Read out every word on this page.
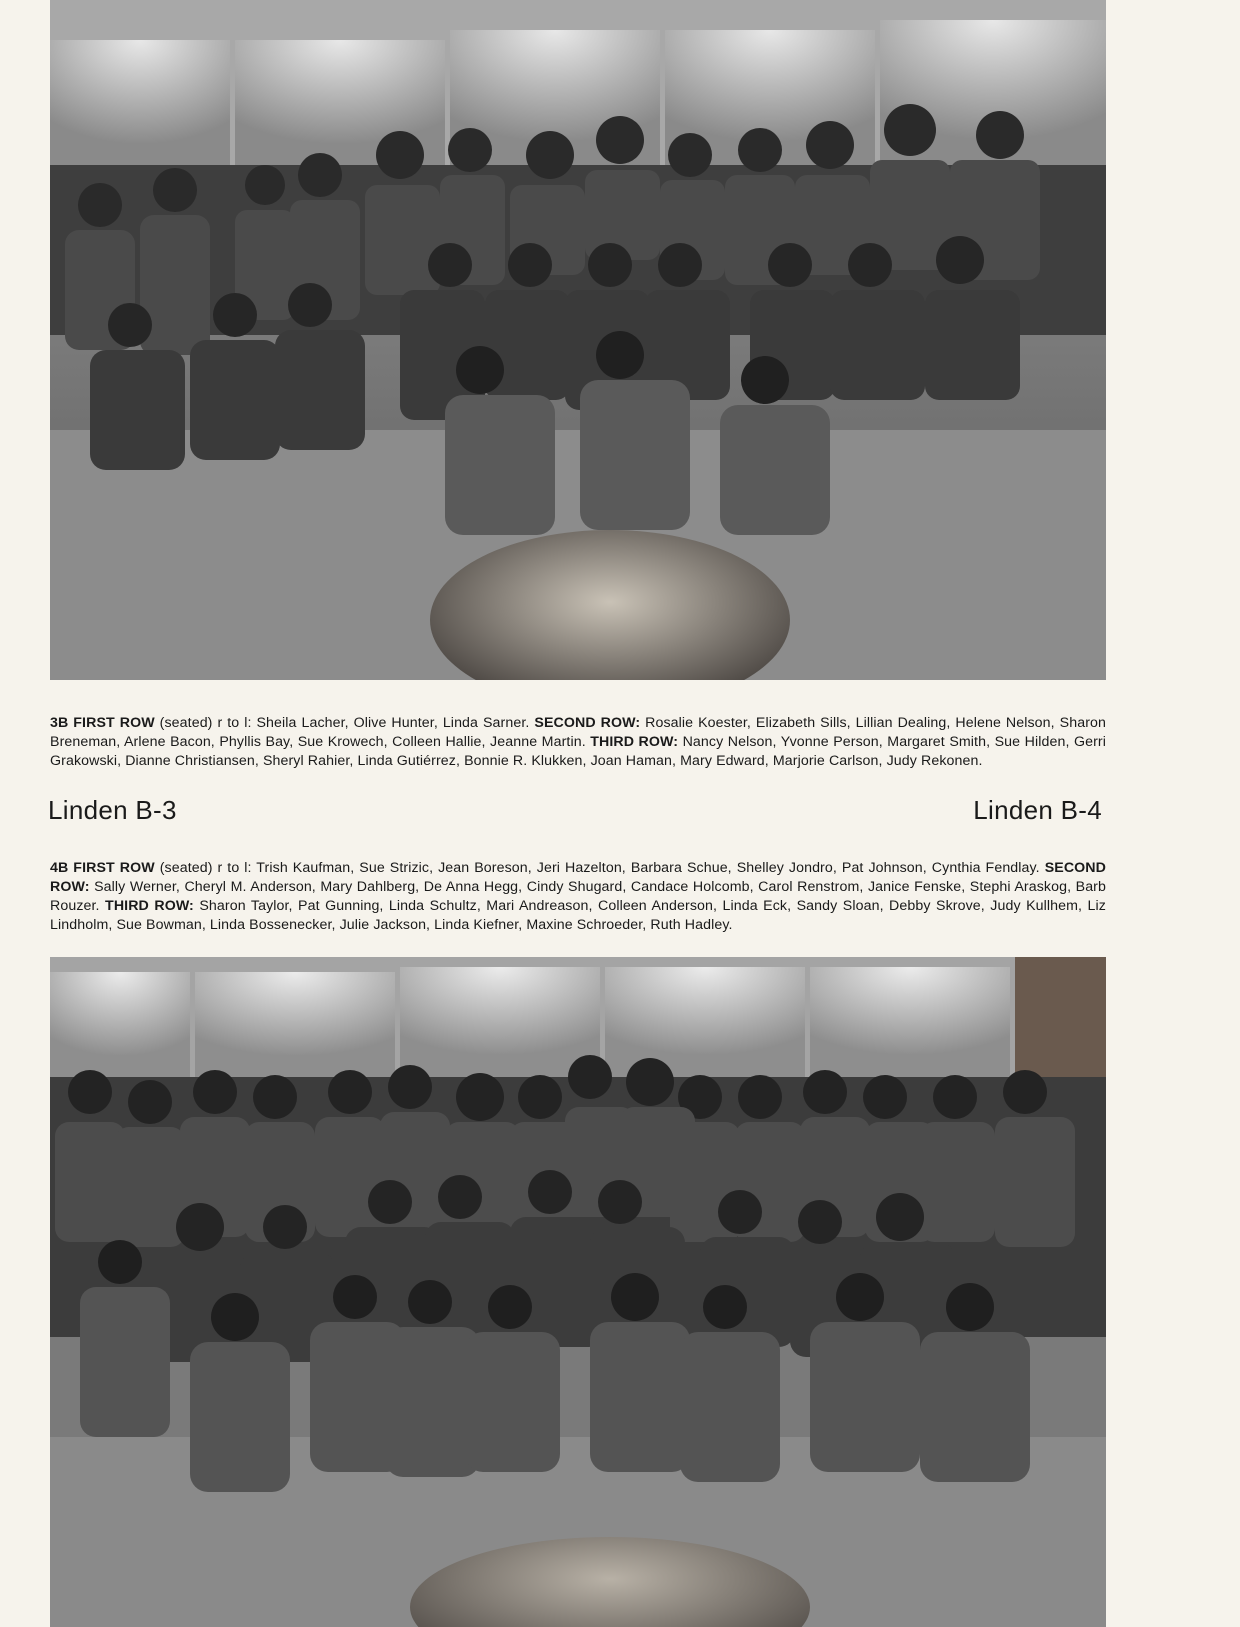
3B FIRST ROW (seated) r to l: Sheila Lacher, Olive Hunter, Linda Sarner. SECOND ROW: Rosalie Koester, Elizabeth Sills, Lillian Dealing, Helene Nelson, Sharon Breneman, Arlene Bacon, Phyllis Bay, Sue Krowech, Colleen Hallie, Jeanne Martin. THIRD ROW: Nancy Nelson, Yvonne Person, Margaret Smith, Sue Hilden, Gerri Grakowski, Dianne Christiansen, Sheryl Rahier, Linda Gutiérrez, Bonnie R. Klukken, Joan Haman, Mary Edward, Marjorie Carlson, Judy Rekonen.

Linden B-3	Linden B-4

4B FIRST ROW (seated) r to l: Trish Kaufman, Sue Strizic, Jean Boreson, Jeri Hazelton, Barbara Schue, Shelley Jondro, Pat Johnson, Cynthia Fendlay. SECOND ROW: Sally Werner, Cheryl M. Anderson, Mary Dahlberg, De Anna Hegg, Cindy Shugard, Candace Holcomb, Carol Renstrom, Janice Fenske, Stephi Araskog, Barb Rouzer. THIRD ROW: Sharon Taylor, Pat Gunning, Linda Schultz, Mari Andreason, Colleen Anderson, Linda Eck, Sandy Sloan, Debby Skrove, Judy Kullhem, Liz Lindholm, Sue Bowman, Linda Bossenecker, Julie Jackson, Linda Kiefner, Maxine Schroeder, Ruth Hadley.
